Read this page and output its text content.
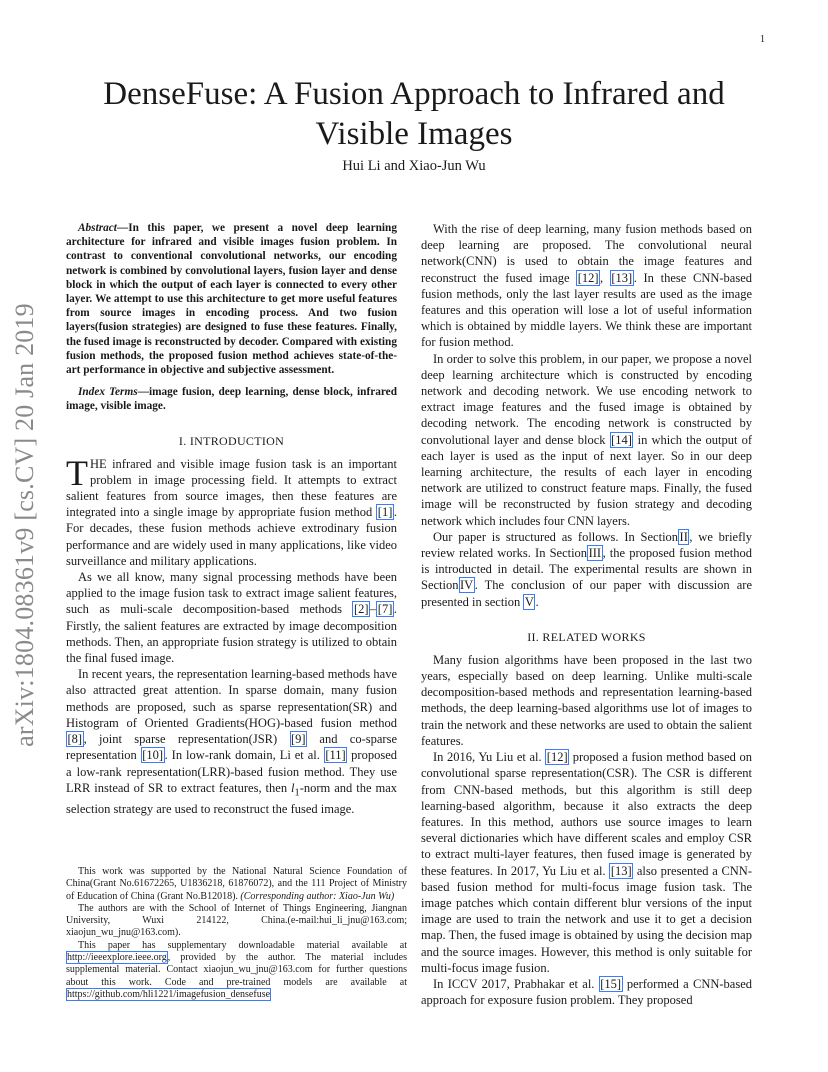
1
arXiv:1804.08361v9 [cs.CV] 20 Jan 2019
DenseFuse: A Fusion Approach to Infrared and Visible Images
Hui Li and Xiao-Jun Wu

Abstract—In this paper, we present a novel deep learning architecture for infrared and visible images fusion problem. In contrast to conventional convolutional networks, our encoding network is combined by convolutional layers, fusion layer and dense block in which the output of each layer is connected to every other layer. We attempt to use this architecture to get more useful features from source images in encoding process. And two fusion layers(fusion strategies) are designed to fuse these features. Finally, the fused image is reconstructed by decoder. Compared with existing fusion methods, the proposed fusion method achieves state-of-the-art performance in objective and subjective assessment.

Index Terms—image fusion, deep learning, dense block, infrared image, visible image.

I. INTRODUCTION

THE infrared and visible image fusion task is an important problem in image processing field. It attempts to extract salient features from source images, then these features are integrated into a single image by appropriate fusion method [1] . For decades, these fusion methods achieve extrodinary fusion performance and are widely used in many applications, like video surveillance and military applications.

As we all know, many signal processing methods have been applied to the image fusion task to extract image salient features, such as muli-scale decomposition-based methods [2] – [7] . Firstly, the salient features are extracted by image decomposition methods. Then, an appropriate fusion strategy is utilized to obtain the final fused image.

In recent years, the representation learning-based methods have also attracted great attention. In sparse domain, many fusion methods are proposed, such as sparse representation(SR) and Histogram of Oriented Gradients(HOG)-based fusion method [8] , joint sparse representation(JSR) [9] and co-sparse representation [10] . In low-rank domain, Li et al. [11] proposed a low-rank representation(LRR)-based fusion method. They use LRR instead of SR to extract features, then $l_1$-norm and the max selection strategy are used to reconstruct the fused image.

This work was supported by the National Natural Science Foundation of China(Grant No.61672265, U1836218, 61876072), and the 111 Project of Ministry of Education of China (Grant No.B12018). (Corresponding author: Xiao-Jun Wu)

The authors are with the School of Internet of Things Engineering, Jiangnan University, Wuxi 214122, China.(e-mail:hui_li_jnu@163.com; xiaojun_wu_jnu@163.com).

This paper has supplementary downloadable material available at http://ieeexplore.ieee.org, provided by the author. The material includes supplemental material. Contact xiaojun_wu_jnu@163.com for further questions about this work. Code and pre-trained models are available at https://github.com/hli1221/imagefusion_densefuse

With the rise of deep learning, many fusion methods based on deep learning are proposed. The convolutional neural network(CNN) is used to obtain the image features and reconstruct the fused image [12] , [13] . In these CNN-based fusion methods, only the last layer results are used as the image features and this operation will lose a lot of useful information which is obtained by middle layers. We think these are important for fusion method.

In order to solve this problem, in our paper, we propose a novel deep learning architecture which is constructed by encoding network and decoding network. We use encoding network to extract image features and the fused image is obtained by decoding network. The encoding network is constructed by convolutional layer and dense block [14] in which the output of each layer is used as the input of next layer. So in our deep learning architecture, the results of each layer in encoding network are utilized to construct feature maps. Finally, the fused image will be reconstructed by fusion strategy and decoding network which includes four CNN layers.

Our paper is structured as follows. In Section II , we briefly review related works. In Section III , the proposed fusion method is introducted in detail. The experimental results are shown in Section IV . The conclusion of our paper with discussion are presented in section V .

II. RELATED WORKS

Many fusion algorithms have been proposed in the last two years, especially based on deep learning. Unlike multi-scale decomposition-based methods and representation learning-based methods, the deep learning-based algorithms use lot of images to train the network and these networks are used to obtain the salient features.

In 2016, Yu Liu et al. [12] proposed a fusion method based on convolutional sparse representation(CSR). The CSR is different from CNN-based methods, but this algorithm is still deep learning-based algorithm, because it also extracts the deep features. In this method, authors use source images to learn several dictionaries which have different scales and employ CSR to extract multi-layer features, then fused image is generated by these features. In 2017, Yu Liu et al. [13] also presented a CNN-based fusion method for multi-focus image fusion task. The image patches which contain different blur versions of the input image are used to train the network and use it to get a decision map. Then, the fused image is obtained by using the decision map and the source images. However, this method is only suitable for multi-focus image fusion.

In ICCV 2017, Prabhakar et al. [15] performed a CNN-based approach for exposure fusion problem. They proposed
